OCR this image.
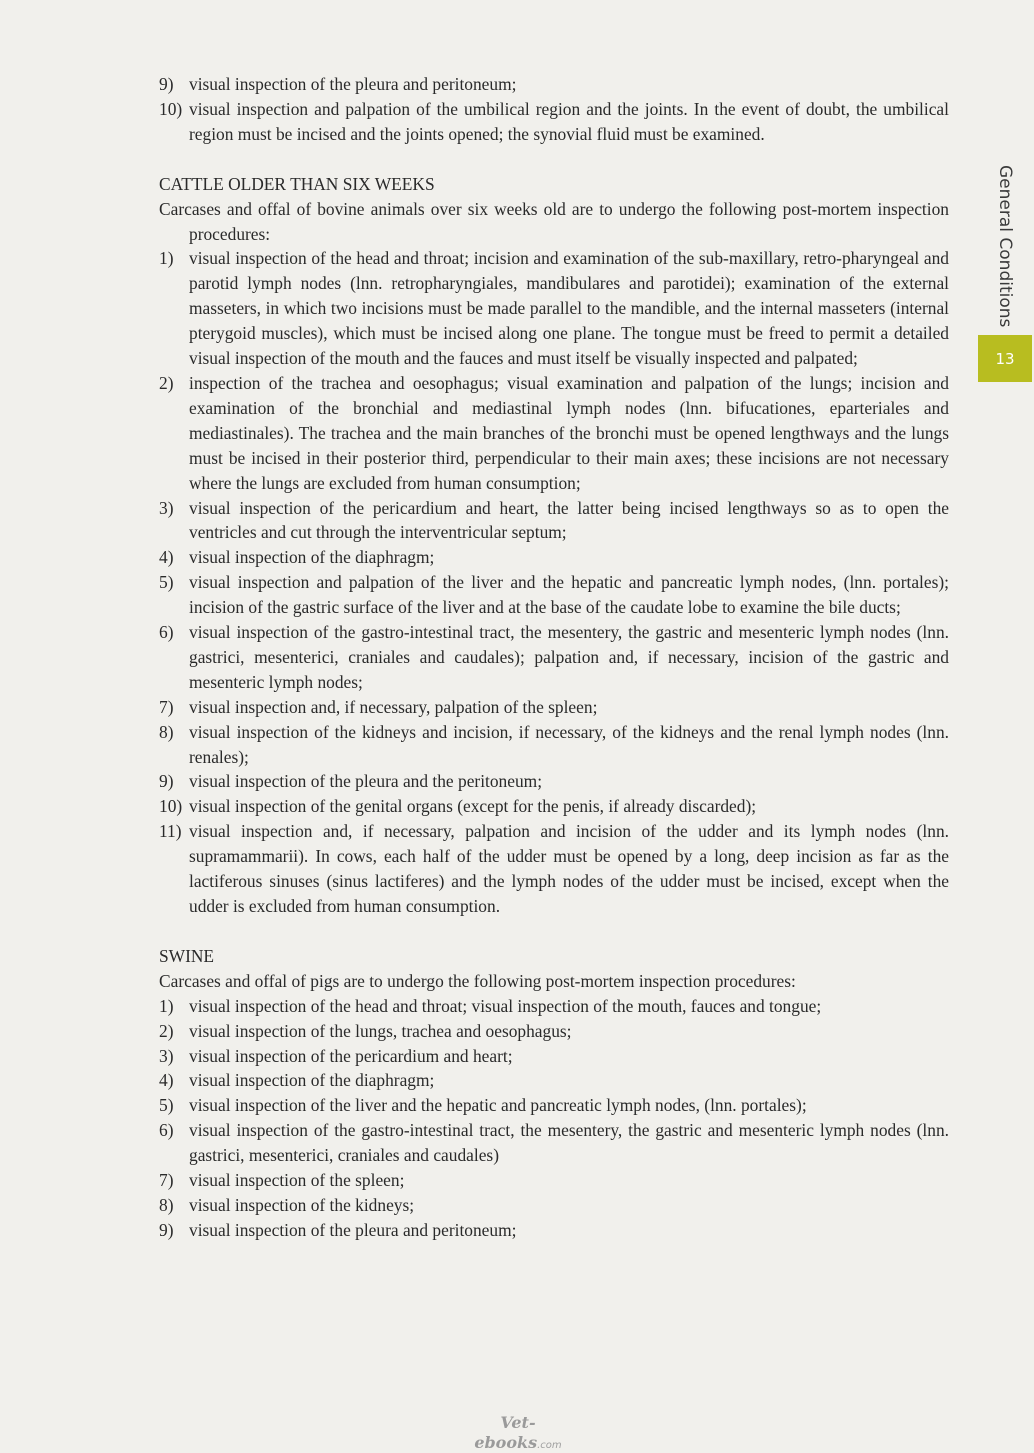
9) visual inspection of the pleura and peritoneum;
10) visual inspection and palpation of the umbilical region and the joints. In the event of doubt, the umbilical region must be incised and the joints opened; the synovial fluid must be examined.
CATTLE OLDER THAN SIX WEEKS
Carcases and offal of bovine animals over six weeks old are to undergo the following post-mortem inspection procedures:
1) visual inspection of the head and throat; incision and examination of the sub-maxillary, retro-pharyngeal and parotid lymph nodes (lnn. retropharyngiales, mandibulares and parotidei); examination of the external masseters, in which two incisions must be made parallel to the mandible, and the internal masseters (internal pterygoid muscles), which must be incised along one plane. The tongue must be freed to permit a detailed visual inspection of the mouth and the fauces and must itself be visually inspected and palpated;
2) inspection of the trachea and oesophagus; visual examination and palpation of the lungs; incision and examination of the bronchial and mediastinal lymph nodes (lnn. bifucationes, eparteriales and mediastinales). The trachea and the main branches of the bronchi must be opened lengthways and the lungs must be incised in their posterior third, perpendicular to their main axes; these incisions are not necessary where the lungs are excluded from human consumption;
3) visual inspection of the pericardium and heart, the latter being incised lengthways so as to open the ventricles and cut through the interventricular septum;
4) visual inspection of the diaphragm;
5) visual inspection and palpation of the liver and the hepatic and pancreatic lymph nodes, (lnn. portales); incision of the gastric surface of the liver and at the base of the caudate lobe to examine the bile ducts;
6) visual inspection of the gastro-intestinal tract, the mesentery, the gastric and mesenteric lymph nodes (lnn. gastrici, mesenterici, craniales and caudales); palpation and, if necessary, incision of the gastric and mesenteric lymph nodes;
7) visual inspection and, if necessary, palpation of the spleen;
8) visual inspection of the kidneys and incision, if necessary, of the kidneys and the renal lymph nodes (lnn. renales);
9) visual inspection of the pleura and the peritoneum;
10) visual inspection of the genital organs (except for the penis, if already discarded);
11) visual inspection and, if necessary, palpation and incision of the udder and its lymph nodes (lnn. supramammarii). In cows, each half of the udder must be opened by a long, deep incision as far as the lactiferous sinuses (sinus lactiferes) and the lymph nodes of the udder must be incised, except when the udder is excluded from human consumption.
SWINE
Carcases and offal of pigs are to undergo the following post-mortem inspection procedures:
1) visual inspection of the head and throat; visual inspection of the mouth, fauces and tongue;
2) visual inspection of the lungs, trachea and oesophagus;
3) visual inspection of the pericardium and heart;
4) visual inspection of the diaphragm;
5) visual inspection of the liver and the hepatic and pancreatic lymph nodes, (lnn. portales);
6) visual inspection of the gastro-intestinal tract, the mesentery, the gastric and mesenteric lymph nodes (lnn. gastrici, mesenterici, craniales and caudales)
7) visual inspection of the spleen;
8) visual inspection of the kidneys;
9) visual inspection of the pleura and peritoneum;
General Conditions
13
Vet-ebooks.com
